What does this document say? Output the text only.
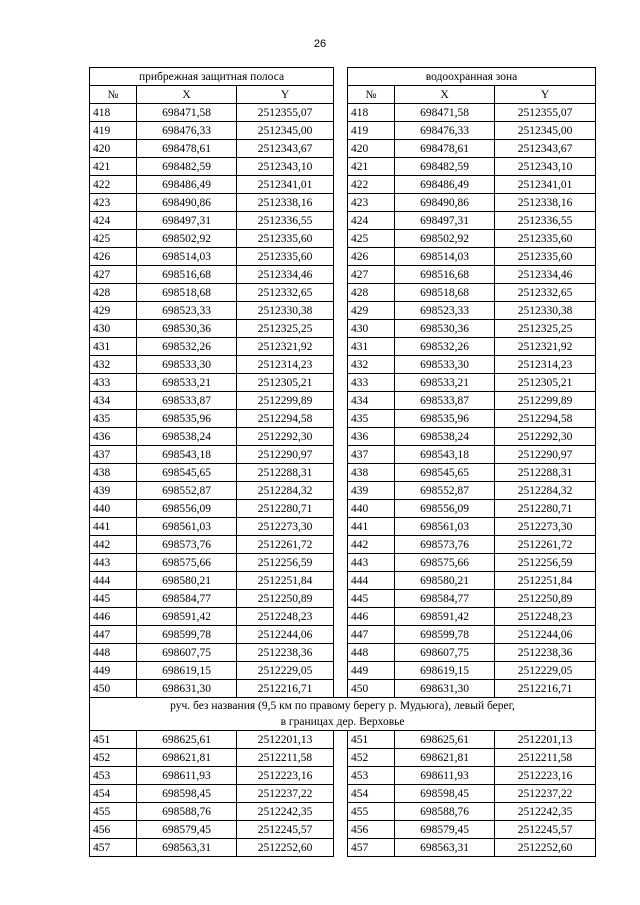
26
прибрежная защитная полоса				водоохранная зона		
№	X	Y		№	X	Y
418	698471,58	2512355,07		418	698471,58	2512355,07
419	698476,33	2512345,00		419	698476,33	2512345,00
420	698478,61	2512343,67		420	698478,61	2512343,67
421	698482,59	2512343,10		421	698482,59	2512343,10
422	698486,49	2512341,01		422	698486,49	2512341,01
423	698490,86	2512338,16		423	698490,86	2512338,16
424	698497,31	2512336,55		424	698497,31	2512336,55
425	698502,92	2512335,60		425	698502,92	2512335,60
426	698514,03	2512335,60		426	698514,03	2512335,60
427	698516,68	2512334,46		427	698516,68	2512334,46
428	698518,68	2512332,65		428	698518,68	2512332,65
429	698523,33	2512330,38		429	698523,33	2512330,38
430	698530,36	2512325,25		430	698530,36	2512325,25
431	698532,26	2512321,92		431	698532,26	2512321,92
432	698533,30	2512314,23		432	698533,30	2512314,23
433	698533,21	2512305,21		433	698533,21	2512305,21
434	698533,87	2512299,89		434	698533,87	2512299,89
435	698535,96	2512294,58		435	698535,96	2512294,58
436	698538,24	2512292,30		436	698538,24	2512292,30
437	698543,18	2512290,97		437	698543,18	2512290,97
438	698545,65	2512288,31		438	698545,65	2512288,31
439	698552,87	2512284,32		439	698552,87	2512284,32
440	698556,09	2512280,71		440	698556,09	2512280,71
441	698561,03	2512273,30		441	698561,03	2512273,30
442	698573,76	2512261,72		442	698573,76	2512261,72
443	698575,66	2512256,59		443	698575,66	2512256,59
444	698580,21	2512251,84		444	698580,21	2512251,84
445	698584,77	2512250,89		445	698584,77	2512250,89
446	698591,42	2512248,23		446	698591,42	2512248,23
447	698599,78	2512244,06		447	698599,78	2512244,06
448	698607,75	2512238,36		448	698607,75	2512238,36
449	698619,15	2512229,05		449	698619,15	2512229,05
450	698631,30	2512216,71		450	698631,30	2512216,71

руч. без названия (9,5 км по правому берегу р. Мудьюга), левый берег,
в границах дер. Верховье						

451	698625,61	2512201,13		451	698625,61	2512201,13
452	698621,81	2512211,58		452	698621,81	2512211,58
453	698611,93	2512223,16		453	698611,93	2512223,16
454	698598,45	2512237,22		454	698598,45	2512237,22
455	698588,76	2512242,35		455	698588,76	2512242,35
456	698579,45	2512245,57		456	698579,45	2512245,57
457	698563,31	2512252,60		457	698563,31	2512252,60
